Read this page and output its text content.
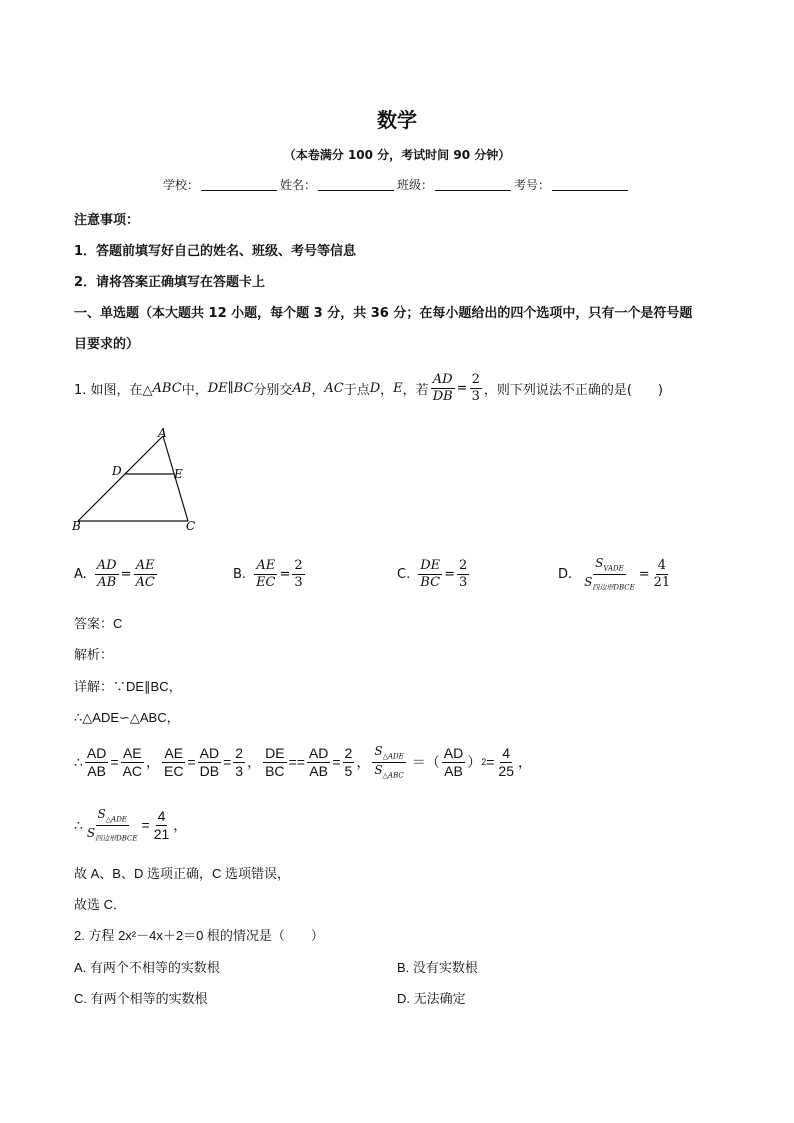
数学
（本卷满分 100 分，考试时间 90 分钟）
学校：	姓名：	班级：	考号：
注意事项：
1．答题前填写好自己的姓名、班级、考号等信息
2．请将答案正确填写在答题卡上
一、单选题（本大题共 12 小题，每个题 3 分，共 36 分；在每小题给出的四个选项中，只有一个是符号题
目要求的）
1. 如图，在△ ABC 中， DE∥BC 分别交 AB ， AC 于点 D ， E ，若 $\frac{AD}{DB} = \frac{2}{3}$ ，则下列说法不正确的是(　　)
A
D	E
B	C
A. $\frac{AD}{AB} = \frac{AE}{AC}$	B. $\frac{AE}{EC} = \frac{2}{3}$	C. $\frac{DE}{BC} = \frac{2}{3}$	D. $\frac{S_{VADE}}{S_{四边形DBCE}} = \frac{4}{21}$
答案：C
解析：
详解：∵DE∥BC，
∴△ADE∽△ABC，
∴ $\frac{AD}{AB} = \frac{AE}{AC}$ ， $\frac{AE}{EC} = \frac{AD}{DB} = \frac{2}{3}$ ， $\frac{DE}{BC} == \frac{AD}{AB} = \frac{2}{5}$ ， $\frac{S_{\triangle ADE}}{S_{\triangle ABC}}$ ＝（ $\frac{AD}{AB}$ ） $2 = \frac{4}{25}$ ，
∴ $\frac{S_{\triangle ADE}}{S_{四边形DBCE}} = \frac{4}{21}$ ，
故 A、B、D 选项正确，C 选项错误，
故选 C．
2. 方程 2x²－4x＋2＝0 根的情况是（　　）
A. 有两个不相等的实数根	B. 没有实数根
C. 有两个相等的实数根	D. 无法确定
